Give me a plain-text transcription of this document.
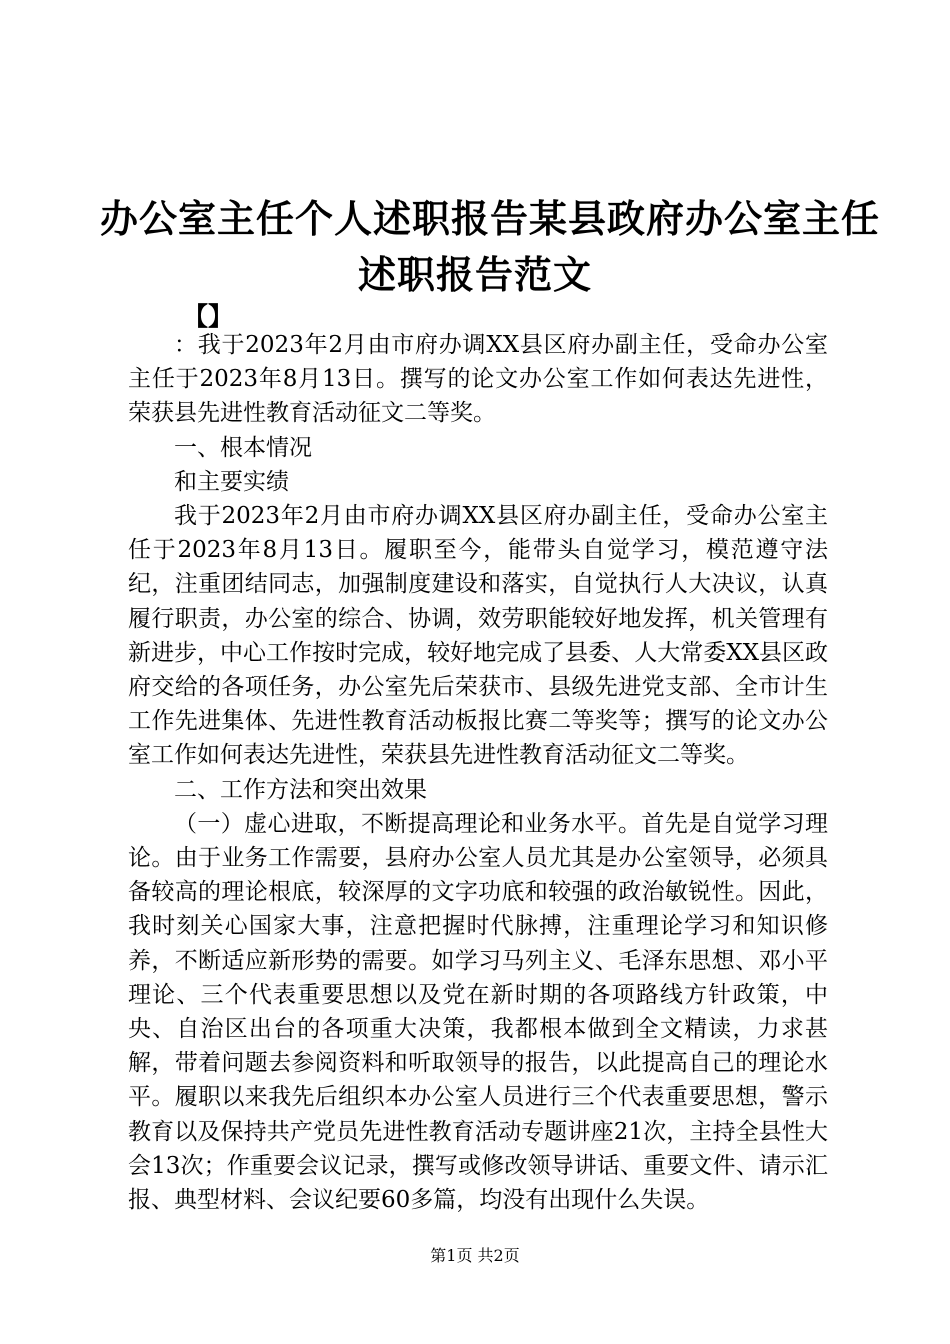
办公室主任个人述职报告某县政府办公室主任
述职报告范文
【】

：我于2023年2月由市府办调XX县区府办副主任，受命办公室主任于2023年8月13日。撰写的论文办公室工作如何表达先进性，荣获县先进性教育活动征文二等奖。

一、根本情况

和主要实绩

我于2023年2月由市府办调XX县区府办副主任，受命办公室主任于2023年8月13日。履职至今，能带头自觉学习，模范遵守法纪，注重团结同志，加强制度建设和落实，自觉执行人大决议，认真履行职责，办公室的综合、协调，效劳职能较好地发挥，机关管理有新进步，中心工作按时完成，较好地完成了县委、人大常委XX县区政府交给的各项任务，办公室先后荣获市、县级先进党支部、全市计生工作先进集体、先进性教育活动板报比赛二等奖等；撰写的论文办公室工作如何表达先进性，荣获县先进性教育活动征文二等奖。

二、工作方法和突出效果

（一）虚心进取，不断提高理论和业务水平。首先是自觉学习理论。由于业务工作需要，县府办公室人员尤其是办公室领导，必须具备较高的理论根底，较深厚的文字功底和较强的政治敏锐性。因此，我时刻关心国家大事，注意把握时代脉搏，注重理论学习和知识修养，不断适应新形势的需要。如学习马列主义、毛泽东思想、邓小平理论、三个代表重要思想以及党在新时期的各项路线方针政策，中央、自治区出台的各项重大决策，我都根本做到全文精读，力求甚解，带着问题去参阅资料和听取领导的报告，以此提高自己的理论水平。履职以来我先后组织本办公室人员进行三个代表重要思想，警示教育以及保持共产党员先进性教育活动专题讲座21次，主持全县性大会13次；作重要会议记录，撰写或修改领导讲话、重要文件、请示汇报、典型材料、会议纪要60多篇，均没有出现什么失误。

第1页 共2页
